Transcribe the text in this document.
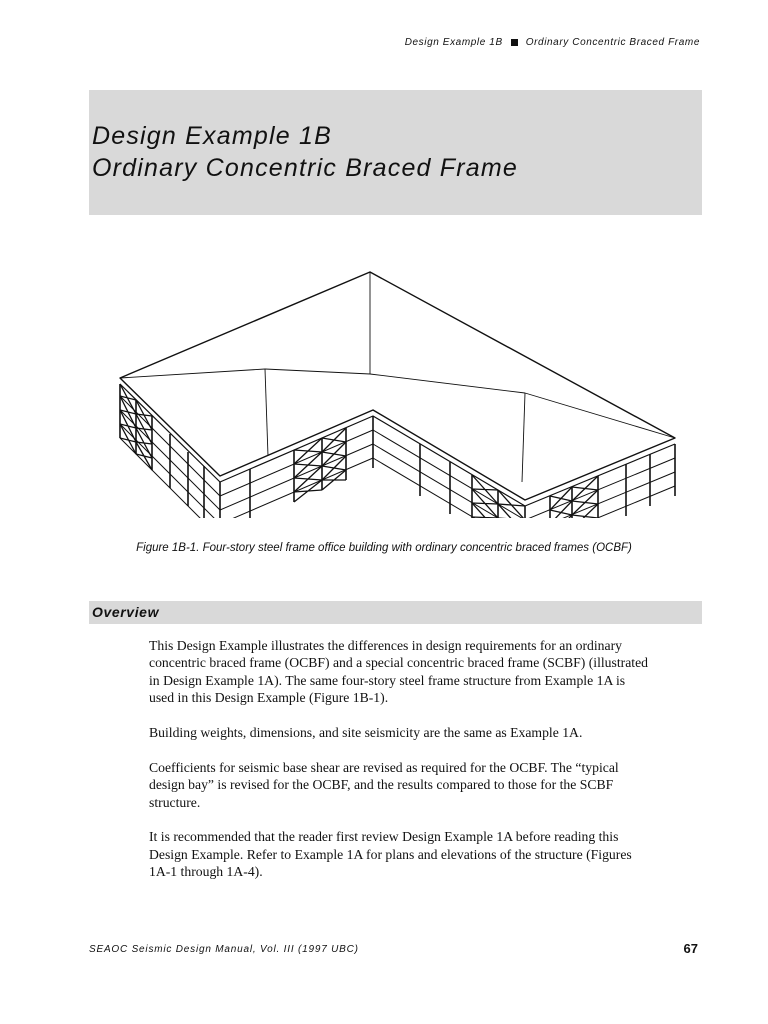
Design Example 1B Ordinary Concentric Braced Frame
Design Example 1B
Ordinary Concentric Braced Frame
Figure 1B-1. Four-story steel frame office building with ordinary concentric braced frames (OCBF)
Overview

This Design Example illustrates the differences in design requirements for an ordinary concentric braced frame (OCBF) and a special concentric braced frame (SCBF) (illustrated in Design Example 1A). The same four-story steel frame structure from Example 1A is used in this Design Example (Figure 1B-1).

Building weights, dimensions, and site seismicity are the same as Example 1A.

Coefficients for seismic base shear are revised as required for the OCBF. The “typical design bay” is revised for the OCBF, and the results compared to those for the SCBF structure.

It is recommended that the reader first review Design Example 1A before reading this Design Example. Refer to Example 1A for plans and elevations of the structure (Figures 1A-1 through 1A-4).

SEAOC Seismic Design Manual, Vol. III (1997 UBC)	67
